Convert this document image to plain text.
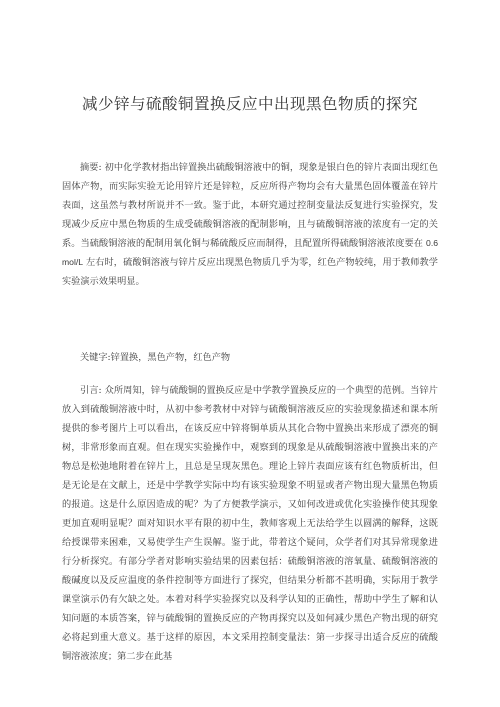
减少锌与硫酸铜置换反应中出现黑色物质的探究

摘要: 初中化学教材指出锌置换出硫酸铜溶液中的铜，现象是银白色的锌片表面出现红色固体产物，而实际实验无论用锌片还是锌粒，反应所得产物均会有大量黑色固体覆盖在锌片表面，这虽然与教材所说并不一致。鉴于此，本研究通过控制变量法反复进行实验探究，发现减少反应中黑色物质的生成受硫酸铜溶液的配制影响，且与硫酸铜溶液的浓度有一定的关系。当硫酸铜溶液的配制用氧化铜与稀硫酸反应而制得，且配置所得硫酸铜溶液浓度要在 0.6mol/L 左右时，硫酸铜溶液与锌片反应出现黑色物质几乎为零，红色产物较纯，用于教师教学实验演示效果明显。

关键字:锌置换，黑色产物，红色产物

引言: 众所周知，锌与硫酸铜的置换反应是中学教学置换反应的一个典型的范例。当锌片放入到硫酸铜溶液中时，从初中参考教材中对锌与硫酸铜溶液反应的实验现象描述和课本所提供的参考图片上可以看出，在该反应中锌将铜单质从其化合物中置换出来形成了漂亮的铜树，非常形象而直观。但在现实实验操作中，观察到的现象是从硫酸铜溶液中置换出来的产物总是松弛地附着在锌片上，且总是呈现灰黑色。理论上锌片表面应该有红色物质析出，但是无论是在文献上，还是中学教学实际中均有该实验现象不明显或者产物出现大量黑色物质的报道。这是什么原因造成的呢？为了方便教学演示，又如何改进或优化实验操作使其现象更加直观明显呢？面对知识水平有限的初中生，教师客观上无法给学生以圆满的解释，这既给授课带来困难，又易使学生产生误解。鉴于此，带着这个疑问，众学者们对其异常现象进行分析探究。有部分学者对影响实验结果的因素包括：硫酸铜溶液的溶氧量、硫酸铜溶液的酸碱度以及反应温度的条件控制等方面进行了探究，但结果分析都不甚明确，实际用于教学课堂演示仍有欠缺之处。本着对科学实验探究以及科学认知的正确性，帮助中学生了解和认知问题的本质答案，锌与硫酸铜的置换反应的产物再探究以及如何减少黑色产物出现的研究必将起到重大意义。基于这样的原因，本文采用控制变量法：第一步探寻出适合反应的硫酸铜溶液浓度；第二步在此基
